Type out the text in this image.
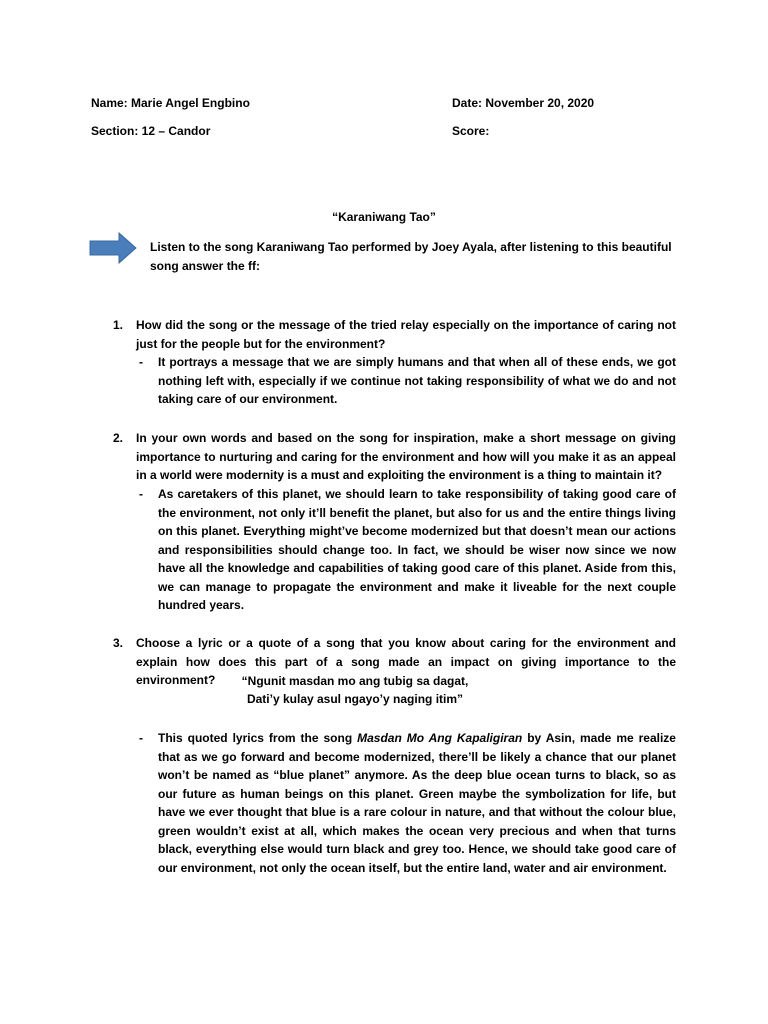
Name: Marie Angel Engbino	Date: November 20, 2020
Section: 12 – Candor	Score:
“Karaniwang Tao”

Listen to the song Karaniwang Tao performed by Joey Ayala, after listening to this beautiful song answer the ff:

1. How did the song or the message of the tried relay especially on the importance of caring not just for the people but for the environment?

- It portrays a message that we are simply humans and that when all of these ends, we got nothing left with, especially if we continue not taking responsibility of what we do and not taking care of our environment.

2. In your own words and based on the song for inspiration, make a short message on giving importance to nurturing and caring for the environment and how will you make it as an appeal in a world were modernity is a must and exploiting the environment is a thing to maintain it?

- As caretakers of this planet, we should learn to take responsibility of taking good care of the environment, not only it’ll benefit the planet, but also for us and the entire things living on this planet. Everything might’ve become modernized but that doesn’t mean our actions and responsibilities should change too. In fact, we should be wiser now since we now have all the knowledge and capabilities of taking good care of this planet. Aside from this, we can manage to propagate the environment and make it liveable for the next couple hundred years.

3. Choose a lyric or a quote of a song that you know about caring for the environment and explain how does this part of a song made an impact on giving importance to the environment?	“Ngunit masdan mo ang tubig sa dagat,
Dati’y kulay asul ngayo’y naging itim”
- This quoted lyrics from the song Masdan Mo Ang Kapaligiran by Asin, made me realize that as we go forward and become modernized, there’ll be likely a chance that our planet won’t be named as “blue planet” anymore. As the deep blue ocean turns to black, so as our future as human beings on this planet. Green maybe the symbolization for life, but have we ever thought that blue is a rare colour in nature, and that without the colour blue, green wouldn’t exist at all, which makes the ocean very precious and when that turns black, everything else would turn black and grey too. Hence, we should take good care of our environment, not only the ocean itself, but the entire land, water and air environment.
